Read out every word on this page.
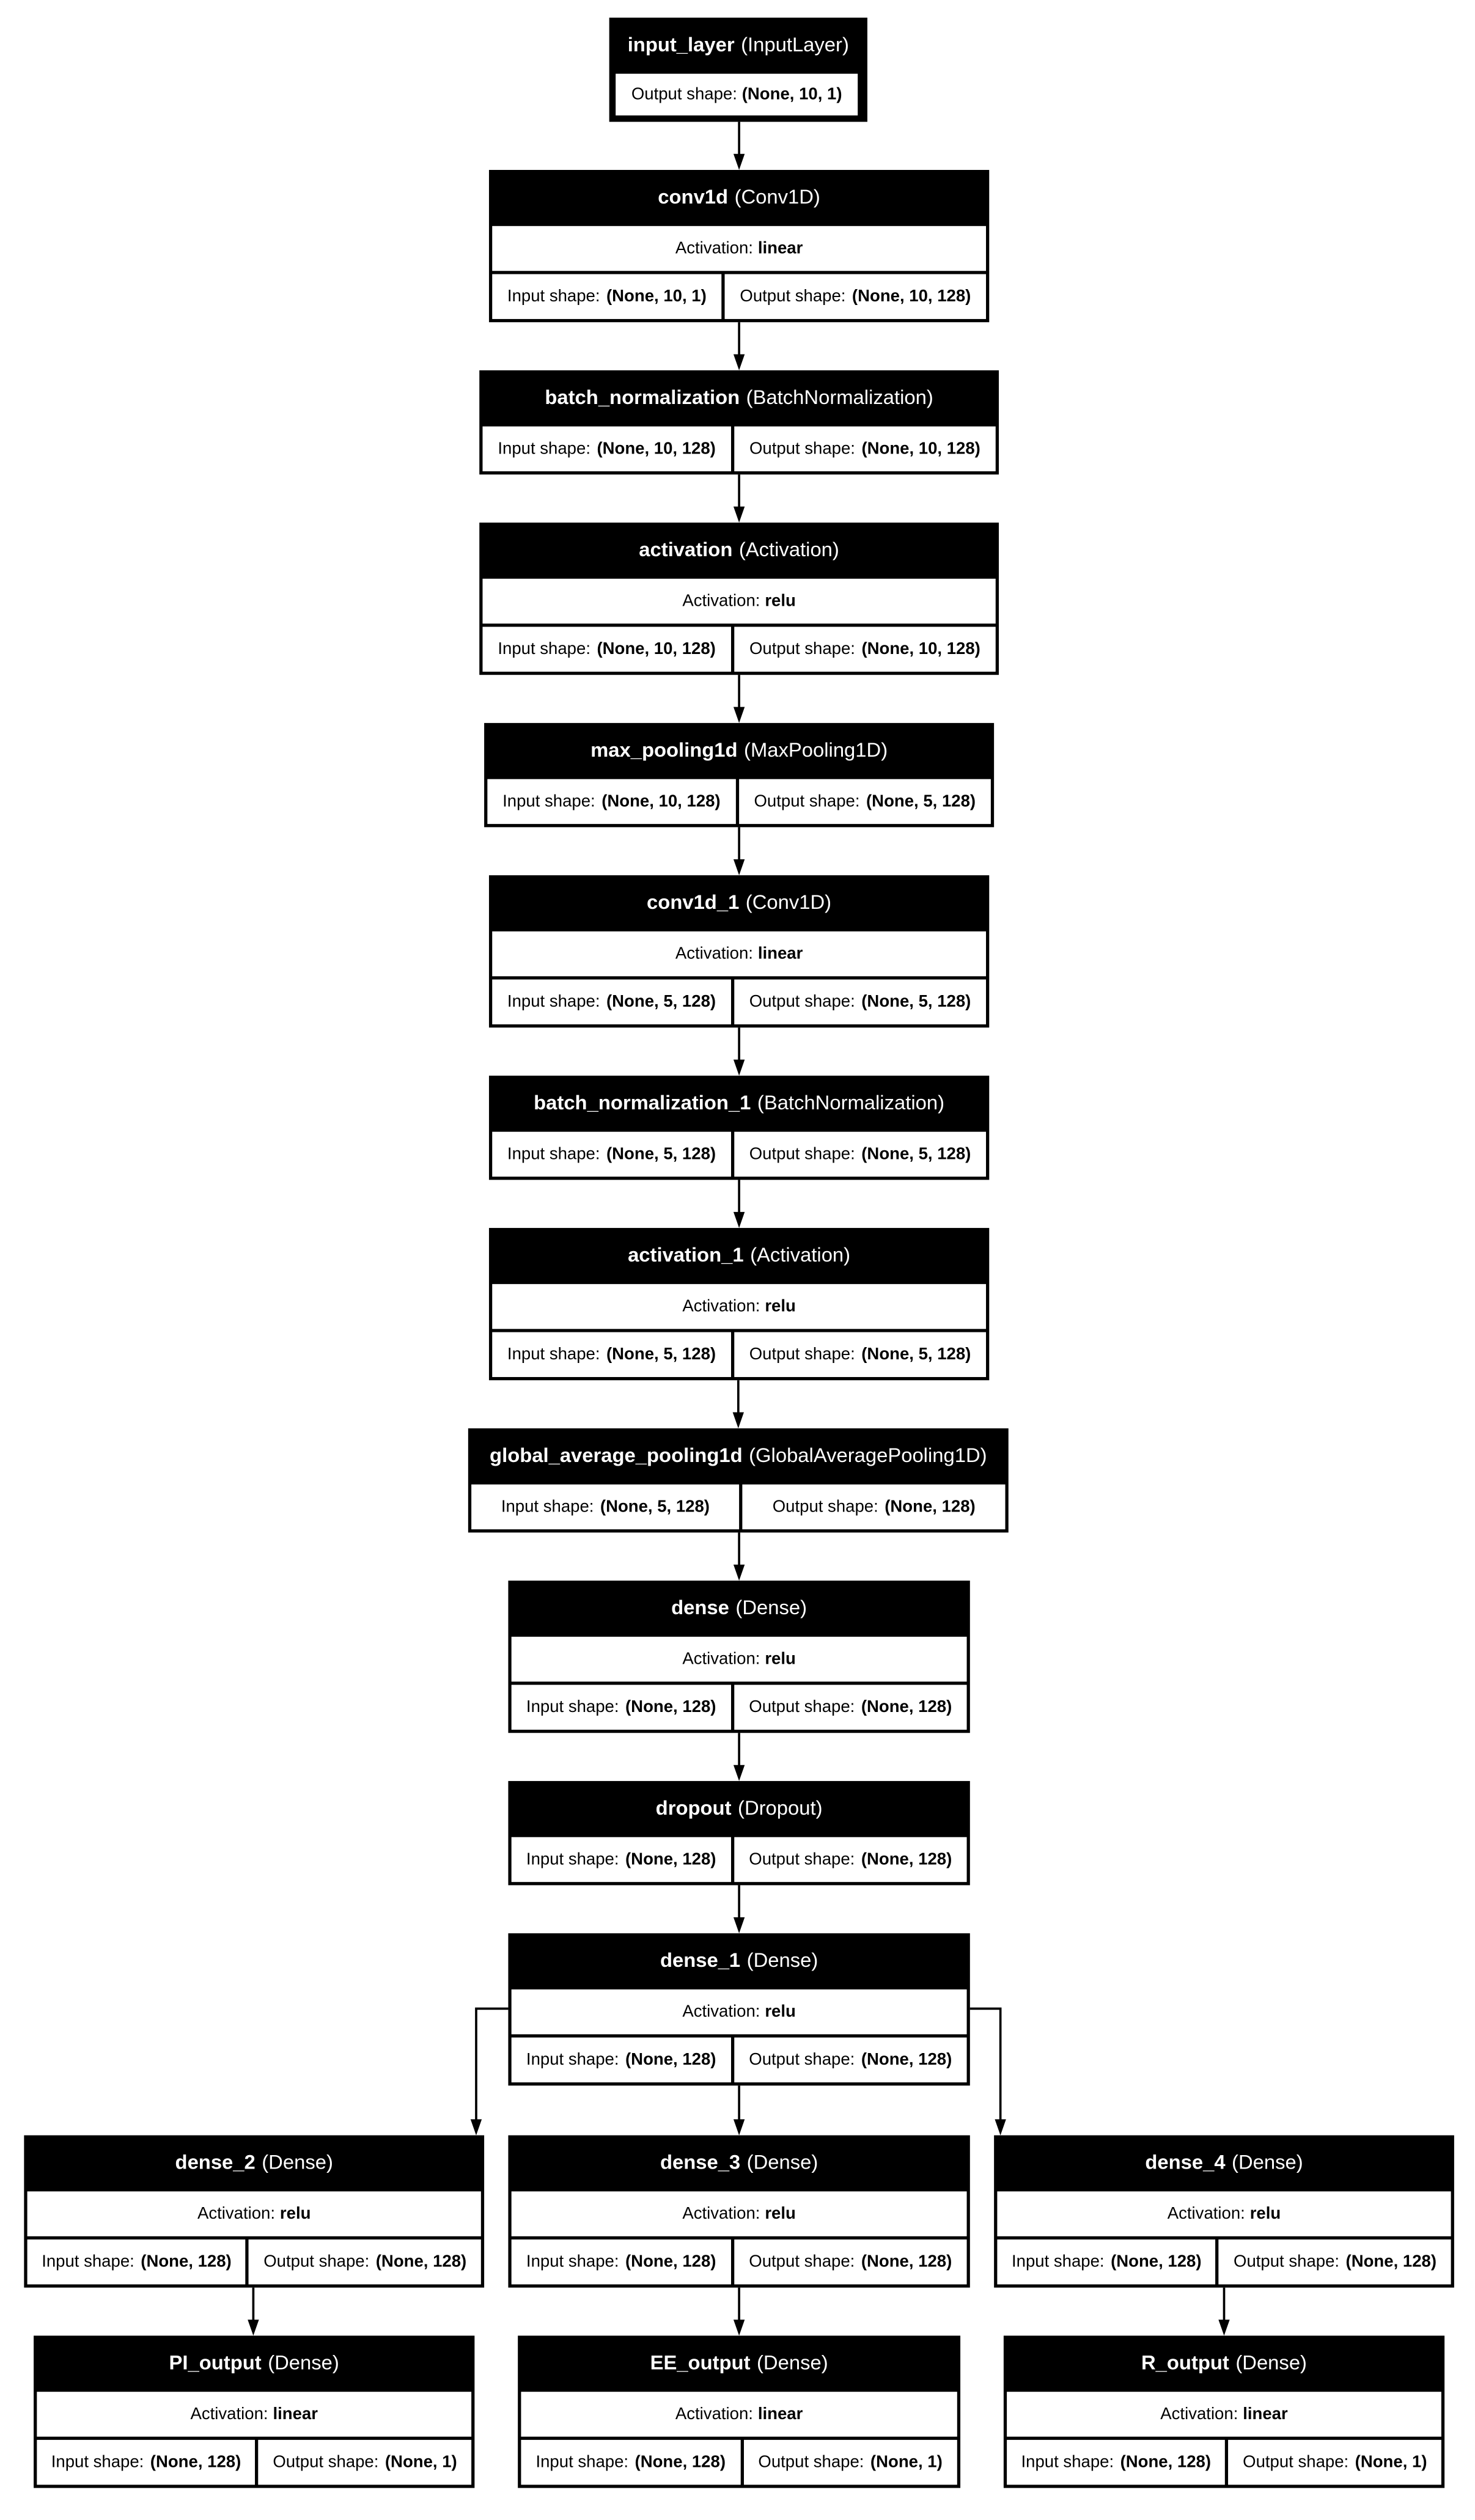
input_layer (InputLayer)
Output shape: (None, 10, 1)
conv1d (Conv1D)
Activation: linear
Input shape: (None, 10, 1)	Output shape: (None, 10, 128)
batch_normalization (BatchNormalization)
Input shape: (None, 10, 128)	Output shape: (None, 10, 128)
activation (Activation)
Activation: relu
Input shape: (None, 10, 128)	Output shape: (None, 10, 128)
max_pooling1d (MaxPooling1D)
Input shape: (None, 10, 128)	Output shape: (None, 5, 128)
conv1d_1 (Conv1D)
Activation: linear
Input shape: (None, 5, 128)	Output shape: (None, 5, 128)
batch_normalization_1 (BatchNormalization)
Input shape: (None, 5, 128)	Output shape: (None, 5, 128)
activation_1 (Activation)
Activation: relu
Input shape: (None, 5, 128)	Output shape: (None, 5, 128)
global_average_pooling1d (GlobalAveragePooling1D)
Input shape: (None, 5, 128)	Output shape: (None, 128)
dense (Dense)
Activation: relu
Input shape: (None, 128)	Output shape: (None, 128)
dropout (Dropout)
Input shape: (None, 128)	Output shape: (None, 128)
dense_1 (Dense)
Activation: relu
Input shape: (None, 128)	Output shape: (None, 128)
dense_2 (Dense)
Activation: relu
Input shape: (None, 128)	Output shape: (None, 128)
dense_3 (Dense)
Activation: relu
Input shape: (None, 128)	Output shape: (None, 128)
dense_4 (Dense)
Activation: relu
Input shape: (None, 128)	Output shape: (None, 128)
PI_output (Dense)
Activation: linear
Input shape: (None, 128)	Output shape: (None, 1)
EE_output (Dense)
Activation: linear
Input shape: (None, 128)	Output shape: (None, 1)
R_output (Dense)
Activation: linear
Input shape: (None, 128)	Output shape: (None, 1)
